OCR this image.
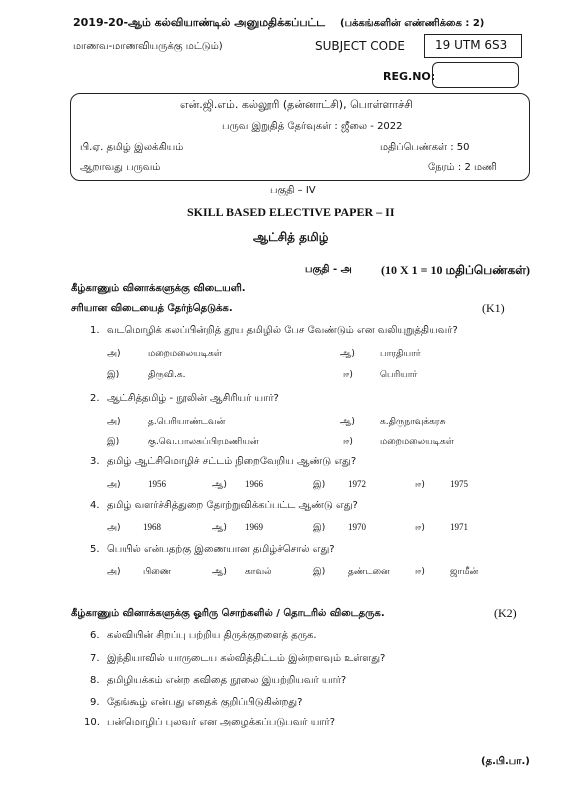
2019-20-ஆம் கல்வியாண்டில் அனுமதிக்கப்பட்ட (பக்கங்களின் எண்ணிக்கை : 2)
மாணவ-மாணவியருக்கு மட்டும்)	SUBJECT CODE	19 UTM 6S3
REG.NO:
என்.ஜி.எம். கல்லூரி (தன்னாட்சி), பொள்ளாச்சி
பருவ இறுதித் தேர்வுகள் : ஜீலை - 2022
பி.ஏ. தமிழ் இலக்கியம்	மதிப்பெண்கள் : 50
ஆறாவது பருவம்	நேரம் : 2 மணி
பகுதி – IV
SKILL BASED ELECTIVE PAPER – II
ஆட்சித் தமிழ்
பகுதி - அ (10 X 1 = 10 மதிப்பெண்கள்)
கீழ்காணும் வினாக்களுக்கு விடையளி.
சரியான விடையைத் தேர்ந்தெடுக்க.	(K1)
1. வடமொழிக் கலப்பின்றித் தூய தமிழில் பேச வேண்டும் என வலியுறுத்தியவர்?
அ)	மறைமலையடிகள்	ஆ)	பாரதியார்
இ)	திருவி.க.	ஈ)	பெரியார்
2. ஆட்சித்தமிழ் - நூலின் ஆசிரியர் யார்?
அ)	த.பெரியாண்டவன்	ஆ)	க.திருநாவுக்கரசு
இ)	கு.வெ.பாலசுப்பிரமணியன்	ஈ)	மறைமலையடிகள்
3. தமிழ் ஆட்சிமொழிச் சட்டம் நிறைவேறிய ஆண்டு எது?
அ)	1956	ஆ) 1966	இ)	1972	ஈ)	1975
4. தமிழ் வளர்ச்சித்துறை தோற்றுவிக்கப்பட்ட ஆண்டு எது?
அ) 1968	ஆ) 1969	இ)	1970	ஈ)	1971
5. பெயில் என்பதற்கு இணையான தமிழ்ச்சொல் எது?
அ) பிணை	ஆ) காவல்	இ)	தண்டனை	ஈ)	ஜாமீன்
கீழ்காணும் வினாக்களுக்கு ஓரிரு சொற்களில் / தொடரில் விடைதருக.	(K2)
6. கல்வியின் சிறப்பு பற்றிய திருக்குறளைத் தருக.
7. இந்தியாவில் யாருடைய கல்வித்திட்டம் இன்றளவும் உள்ளது?
8. தமிழியக்கம் என்ற கவிதை நூலை இயற்றியவர் யார்?
9. தேங்கூழ் என்பது எதைக் குறிப்பிடுகின்றது?
10. பன்மொழிப் புலவர் என அழைக்கப்படுபவர் யார்?
(த.பி.பா.)
